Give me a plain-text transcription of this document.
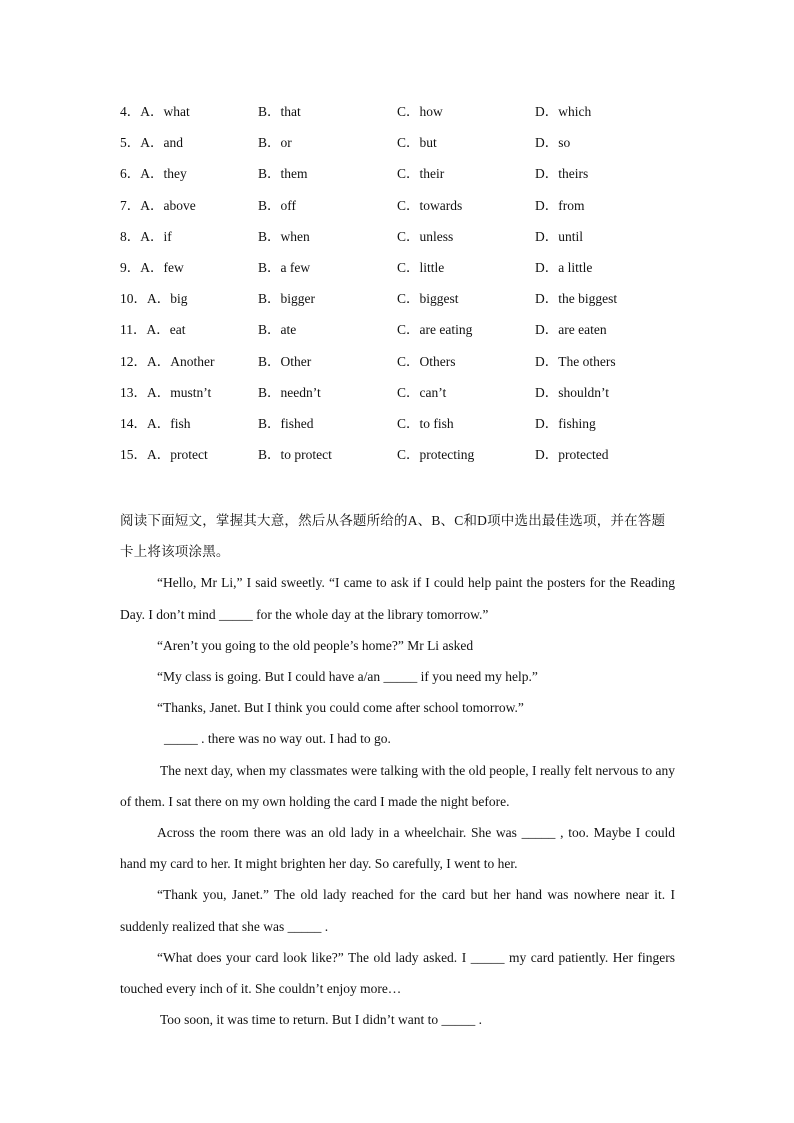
4．A．what	B．that	C．how	D．which
5．A．and	B．or	C．but	D．so
6．A．they	B．them	C．their	D．theirs
7．A．above	B．off	C．towards	D．from
8．A．if	B．when	C．unless	D．until
9．A．few	B．a few	C．little	D．a little
10．A．big	B．bigger	C．biggest	D．the biggest
11．A．eat	B．ate	C．are eating	D．are eaten
12．A．Another	B．Other	C．Others	D．The others
13．A．mustn’t	B．needn’t	C．can’t	D．shouldn’t
14．A．fish	B．fished	C．to fish	D．fishing
15．A．protect	B．to protect	C．protecting	D．protected

阅读下面短文，掌握其大意，然后从各题所给的A、B、C和D项中选出最佳选项，并在答题卡上将该项涂黑。

“Hello, Mr Li,” I said sweetly. “I came to ask if I could help paint the posters for the Reading Day. I don’t mind _____ for the whole day at the library tomorrow.”

“Aren’t you going to the old people’s home?” Mr Li asked

“My class is going. But I could have a/an _____ if you need my help.”

“Thanks, Janet. But I think you could come after school tomorrow.”

_____ . there was no way out. I had to go.

The next day, when my classmates were talking with the old people, I really felt nervous to any of them. I sat there on my own holding the card I made the night before.

Across the room there was an old lady in a wheelchair. She was _____ , too. Maybe I could hand my card to her. It might brighten her day. So carefully, I went to her.

“Thank you, Janet.” The old lady reached for the card but her hand was nowhere near it. I suddenly realized that she was _____ .

“What does your card look like?” The old lady asked. I _____ my card patiently. Her fingers touched every inch of it. She couldn’t enjoy more…

Too soon, it was time to return. But I didn’t want to _____ .
